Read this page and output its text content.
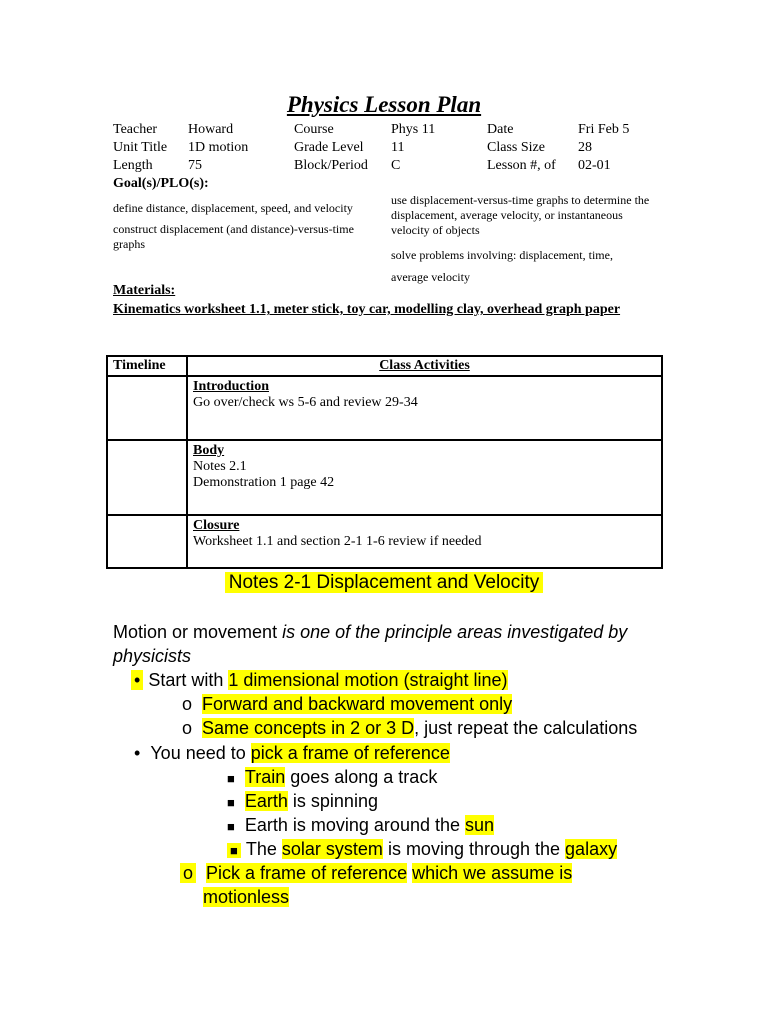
Physics Lesson Plan
Teacher Howard	Course	Phys 11	Date	Fri Feb 5
Unit Title 1D motion	Grade Level 11	Class Size 28
Length	75	Block/Period C	Lesson #, of 02-01
Goal(s)/PLO(s):
define distance, displacement, speed, and velocity
construct displacement (and distance)-versus-time graphs
use displacement-versus-time graphs to determine the displacement, average velocity, or instantaneous velocity of objects
solve problems involving: displacement, time, average velocity
Materials:
Kinematics worksheet 1.1, meter stick, toy car, modelling clay, overhead graph paper
Timeline	Class Activities

	Introduction
Go over/check ws 5-6 and review 29-34

	Body
Notes 2.1
Demonstration 1 page 42

	Closure
Worksheet 1.1 and section 2-1 1-6 review if needed
Notes 2-1 Displacement and Velocity
Motion or movement is one of the principle areas investigated by
physicists
• Start with 1 dimensional motion (straight line)
o Forward and backward movement only
o Same concepts in 2 or 3 D, just repeat the calculations
• You need to pick a frame of reference
■ Train goes along a track
■ Earth is spinning
■ Earth is moving around the sun
■ The solar system is moving through the galaxy
o Pick a frame of reference which we assume is
motionless
